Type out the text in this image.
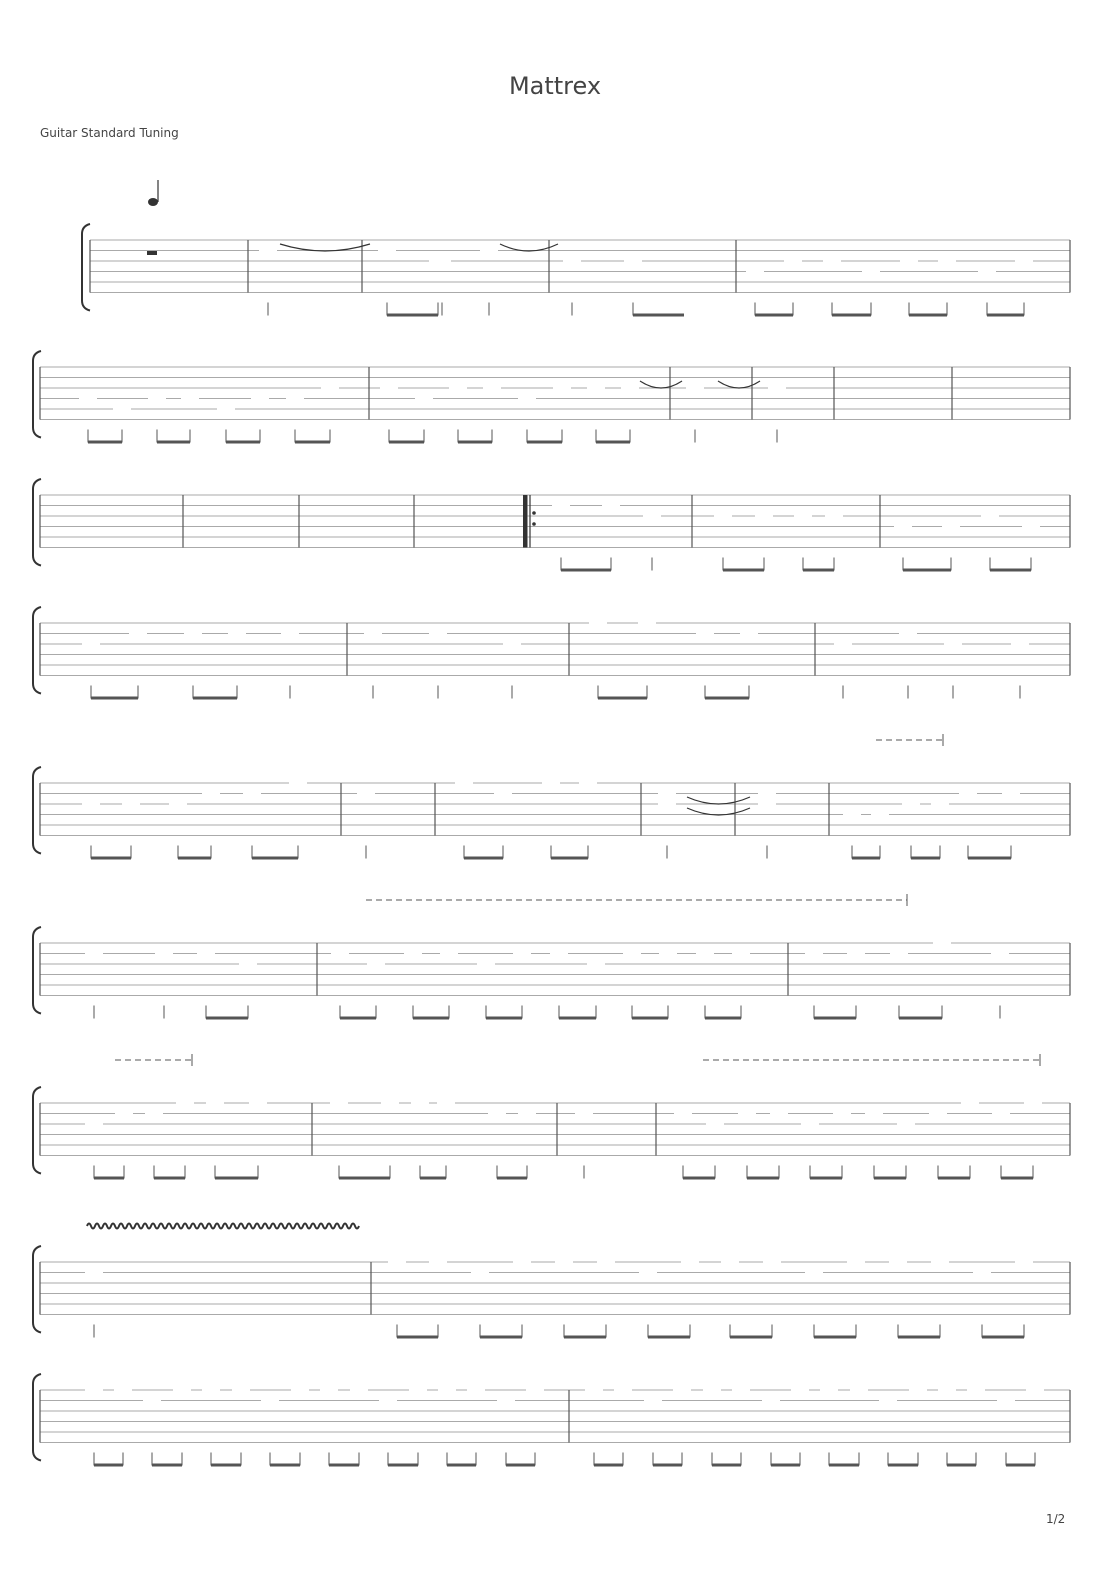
Mattrex
Guitar Standard Tuning
1/2
